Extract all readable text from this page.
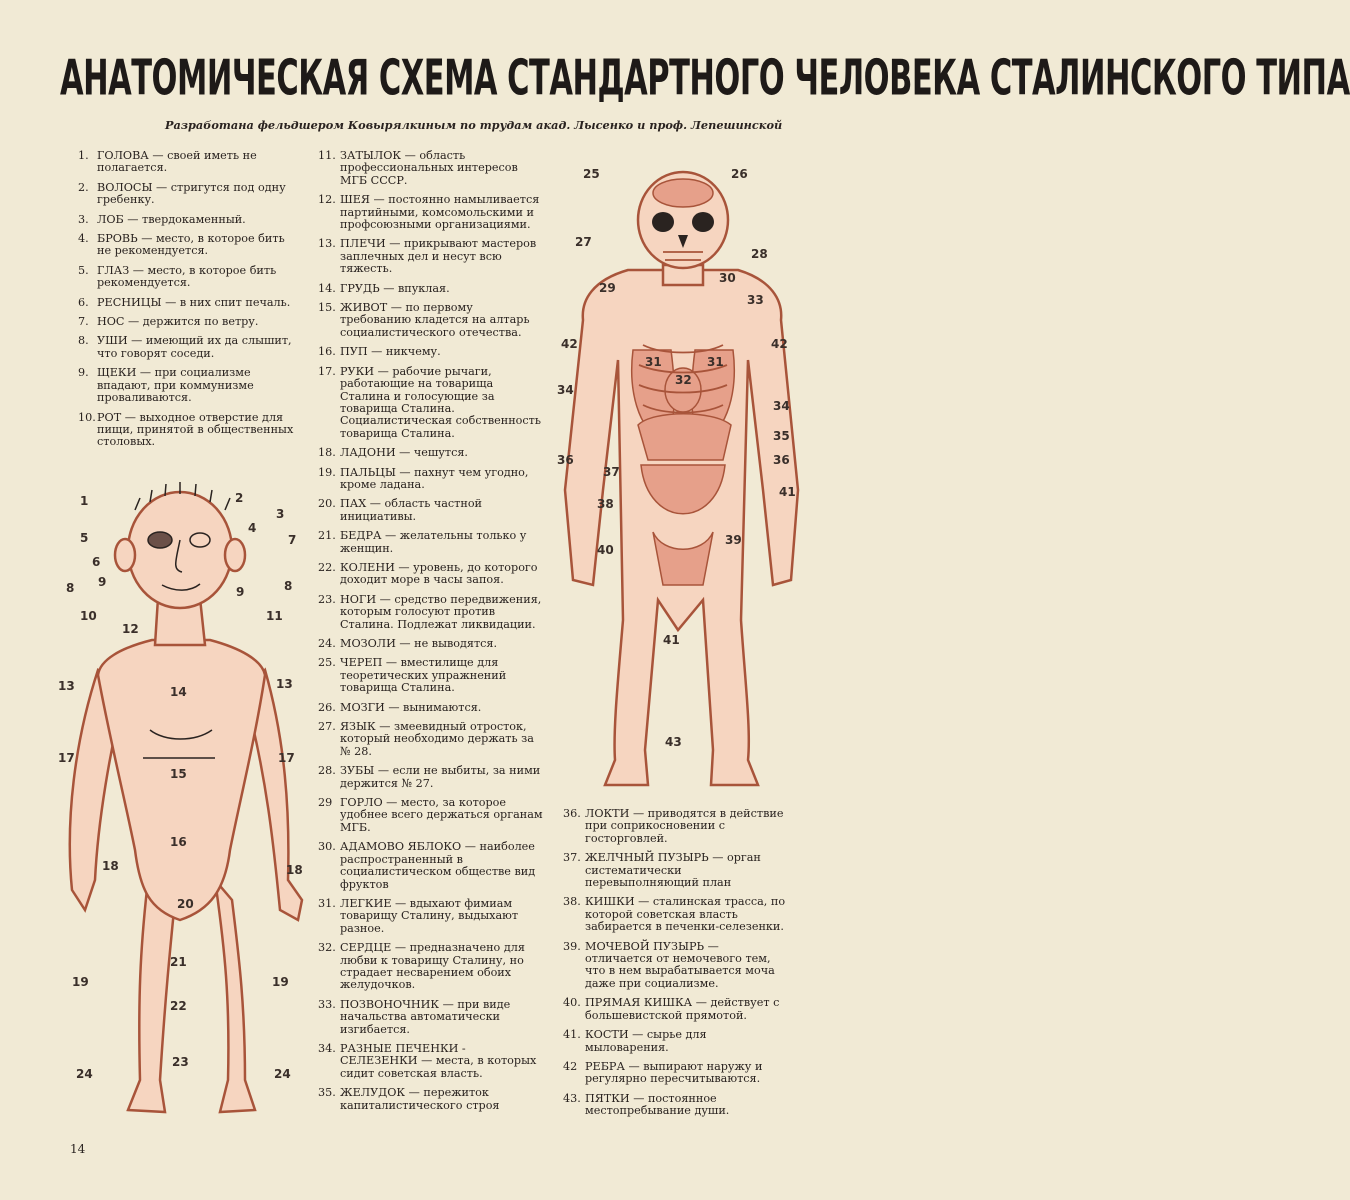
АНАТОМИЧЕСКАЯ СХЕМА СТАНДАРТНОГО ЧЕЛОВЕКА СТАЛИНСКОГО ТИПА
Разработана фельдшером Ковырялкиным по трудам акад. Лысенко и проф. Лепешинской
1. ГОЛОВА — своей иметь не полагается.
2. ВОЛОСЫ — стригутся под одну гребенку.
3. ЛОБ — твердокаменный.
4. БРОВЬ — место, в которое бить не рекомендуется.
5. ГЛАЗ — место, в которое бить рекомендуется.
6. РЕСНИЦЫ — в них спит печаль.
7. НОС — держится по ветру.
8. УШИ — имеющий их да слышит, что говорят соседи.
9. ЩЕКИ — при социализме впадают, при коммунизме проваливаются.
10. РОТ — выходное отверстие для пищи, принятой в общественных столовых.
11. ЗАТЫЛОК — область профессиональных интересов МГБ СССР.
12. ШЕЯ — постоянно намыливается партийными, комсомольскими и профсоюзными организациями.
13. ПЛЕЧИ — прикрывают мастеров заплечных дел и несут всю тяжесть.
14. ГРУДЬ — впуклая.
15. ЖИВОТ — по первому требованию кладется на алтарь социалистического отечества.
16. ПУП — никчему.
17. РУКИ — рабочие рычаги, работающие на товарища Сталина и голосующие за товарища Сталина. Социалистическая собственность товарища Сталина.
18. ЛАДОНИ — чешутся.
19. ПАЛЬЦЫ — пахнут чем угодно, кроме ладана.
20. ПАХ — область частной инициативы.
21. БЕДРА — желательны только у женщин.
22. КОЛЕНИ — уровень, до которого доходит море в часы запоя.
23. НОГИ — средство передвижения, которым голосуют против Сталина. Подлежат ликвидации.
24. МОЗОЛИ — не выводятся.
25. ЧЕРЕП — вместилище для теоретических упражнений товарища Сталина.
26. МОЗГИ — вынимаются.
27. ЯЗЫК — змеевидный отросток, который необходимо держать за № 28.
28. ЗУБЫ — если не выбиты, за ними держится № 27.
29 ГОРЛО — место, за которое удобнее всего держаться органам МГБ.
30. АДАМОВО ЯБЛОКО — наиболее распространенный в социалистическом обществе вид фруктов
31. ЛЕГКИЕ — вдыхают фимиам товарищу Сталину, выдыхают разное.
32. СЕРДЦЕ — предназначено для любви к товарищу Сталину, но страдает несварением обоих желудочков.
33. ПОЗВОНОЧНИК — при виде начальства автоматически изгибается.
34. РАЗНЫЕ ПЕЧЕНКИ - СЕЛЕЗЕНКИ — места, в которых сидит советская власть.
35. ЖЕЛУДОК — пережиток капиталистического строя
36. ЛОКТИ — приводятся в действие при соприкосновении с госторговлей.
37. ЖЕЛЧНЫЙ ПУЗЫРЬ — орган систематически перевыполняющий план
38. КИШКИ — сталинская трасса, по которой советская власть забирается в печенки-селезенки.
39. МОЧЕВОЙ ПУЗЫРЬ — отличается от немочевого тем, что в нем вырабатывается моча даже при социализме.
40. ПРЯМАЯ КИШКА — действует с большевистской прямотой.
41. КОСТИ — сырье для мыловарения.
42 РЕБРА — выпирают наружу и регулярно пересчитываются.
43. ПЯТКИ — постоянное местопребывание души.
1	2
3
4
5
6
7
8	8
9
9
10	11
12
13	13
14
15
16
17	17
18	18
19	19
20
21
22
23
24	24
25	26
27
28
29
30
33
31	31
32
34
34
35
36	36
37
38
39
40
41
41
42	42
43
14
